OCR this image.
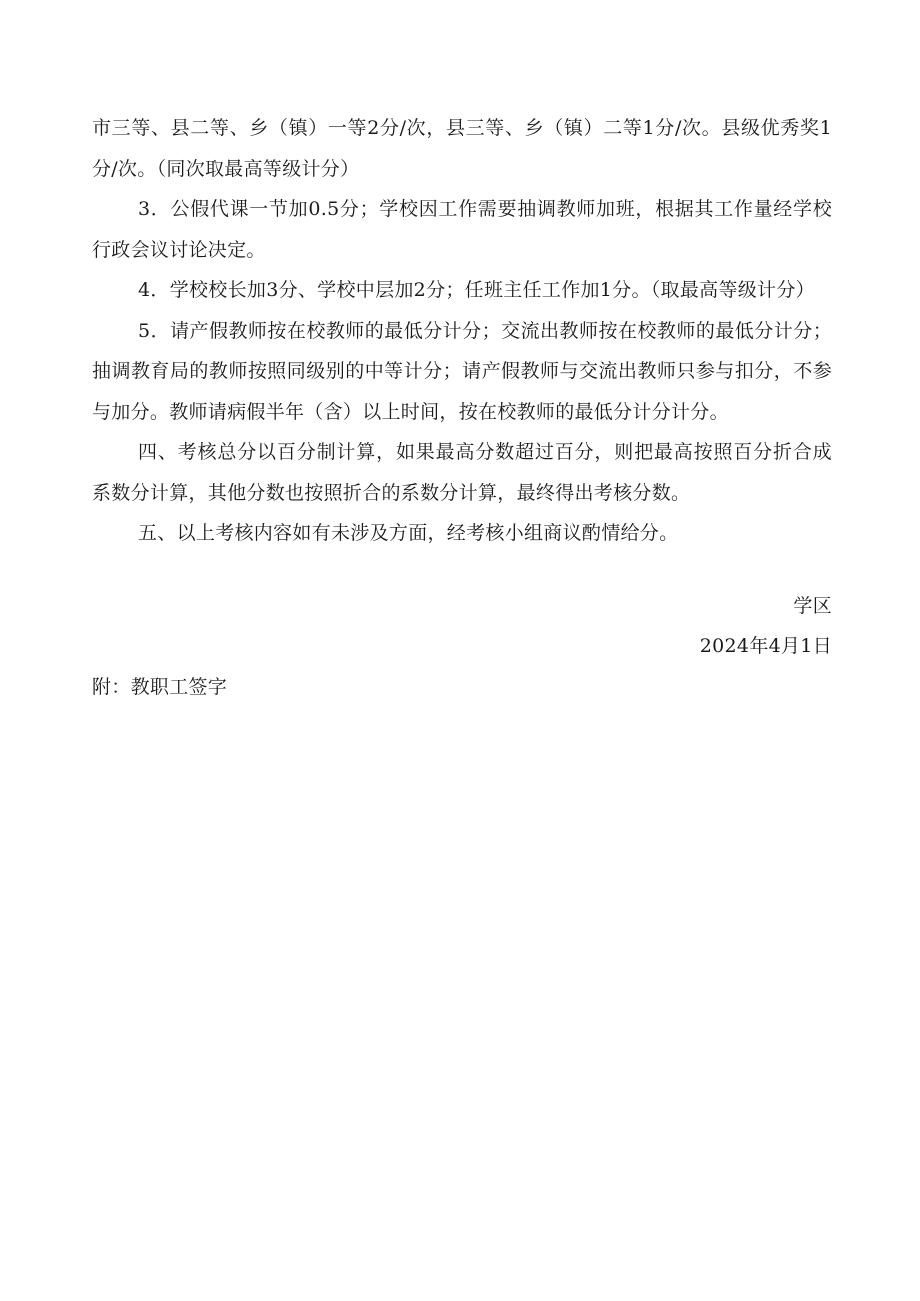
市三等、县二等、乡（镇）一等2分/次，县三等、乡（镇）二等1分/次。县级优秀奖1分/次。（同次取最高等级计分）

3．公假代课一节加0.5分；学校因工作需要抽调教师加班，根据其工作量经学校行政会议讨论决定。

4．学校校长加3分、学校中层加2分；任班主任工作加1分。（取最高等级计分）

5．请产假教师按在校教师的最低分计分；交流出教师按在校教师的最低分计分；抽调教育局的教师按照同级别的中等计分；请产假教师与交流出教师只参与扣分，不参与加分。教师请病假半年（含）以上时间，按在校教师的最低分计分计分。

四、考核总分以百分制计算，如果最高分数超过百分，则把最高按照百分折合成系数分计算，其他分数也按照折合的系数分计算，最终得出考核分数。

五、以上考核内容如有未涉及方面，经考核小组商议酌情给分。

学区

2024年4月1日

附：教职工签字
